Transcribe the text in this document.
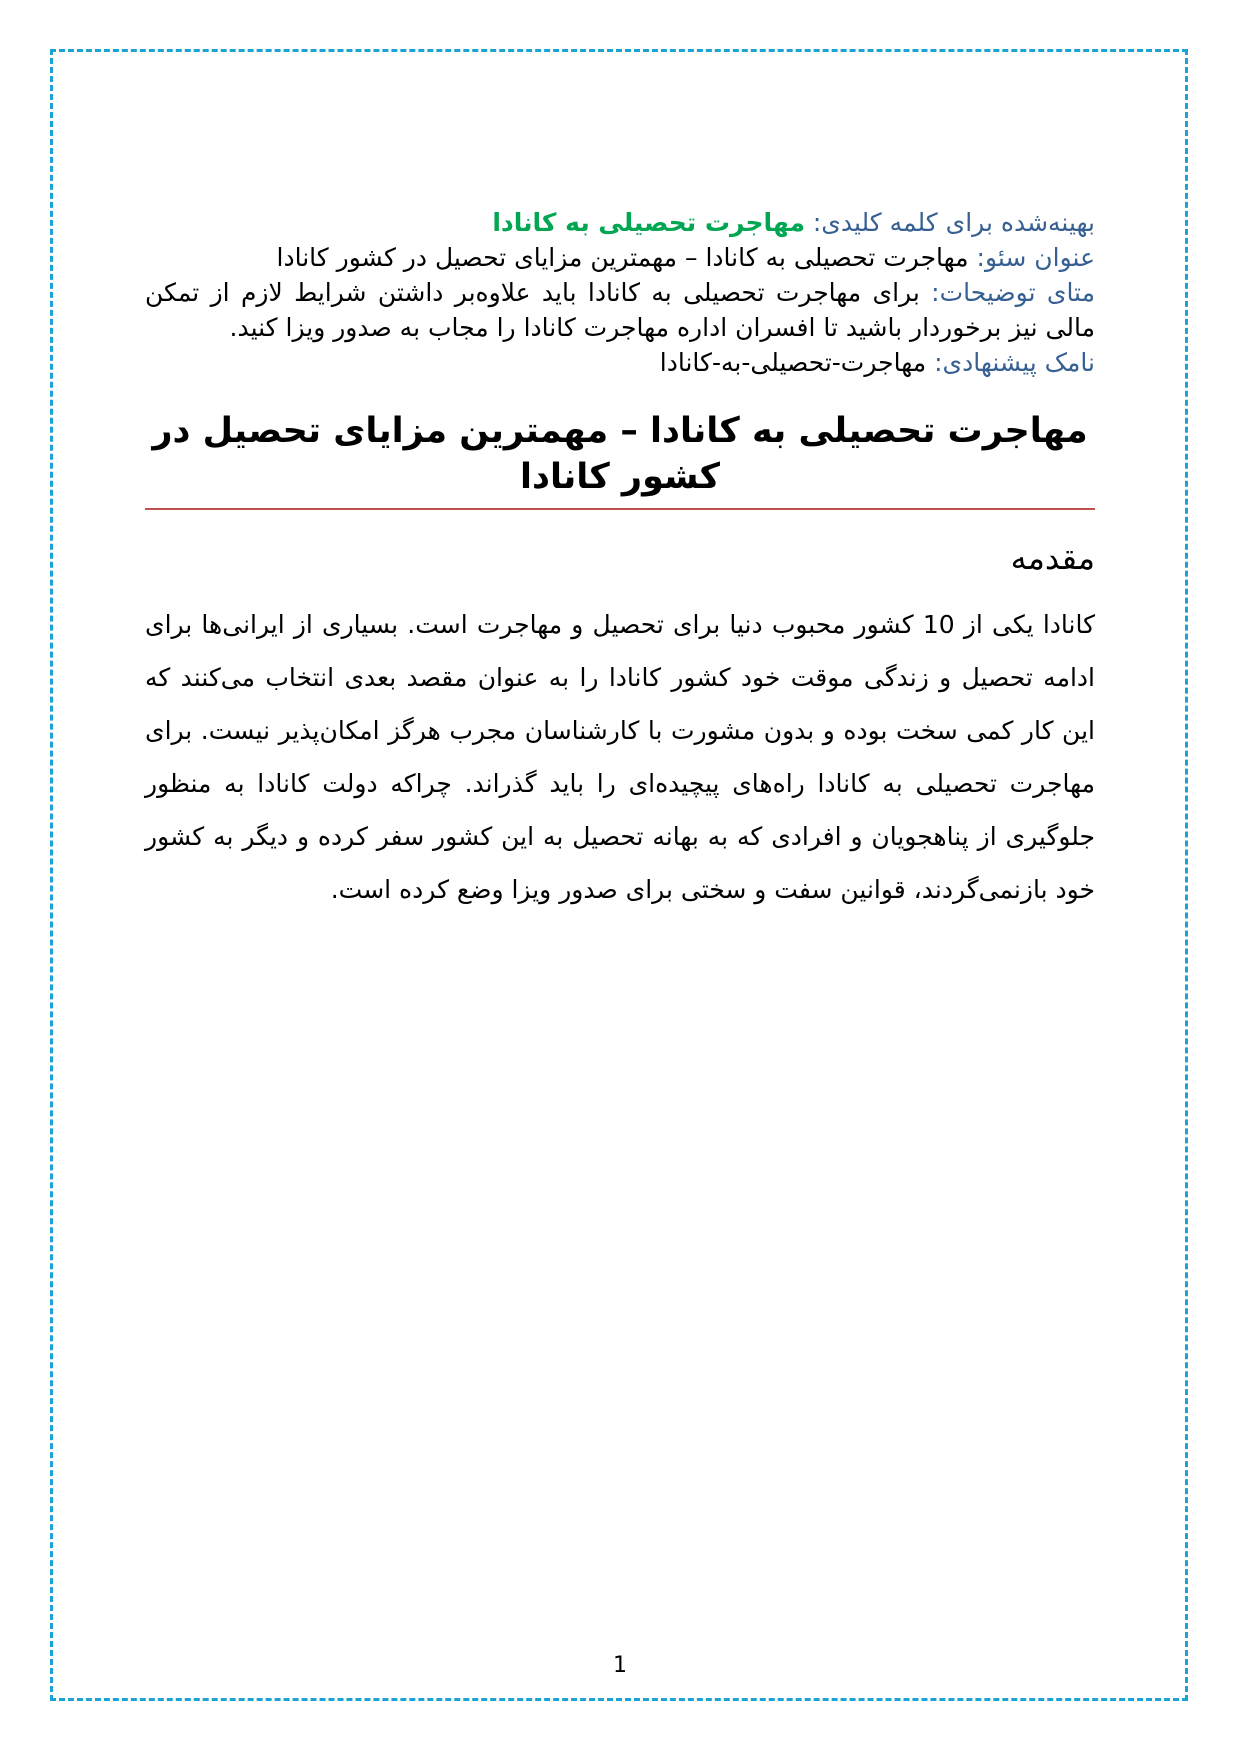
بهینه‌شده برای کلمه کلیدی: مهاجرت تحصیلی به کانادا

عنوان سئو: مهاجرت تحصیلی به کانادا – مهمترین مزایای تحصیل در کشور کانادا

متای توضیحات: برای مهاجرت تحصیلی به کانادا باید علاوه‌بر داشتن شرایط لازم از تمکن مالی نیز برخوردار باشید تا افسران اداره مهاجرت کانادا را مجاب به صدور ویزا کنید.

نامک پیشنهادی: مهاجرت-تحصیلی-به-کانادا

مهاجرت تحصیلی به کانادا – مهمترین مزایای تحصیل در کشور کانادا
مقدمه

کانادا یکی از 10 کشور محبوب دنیا برای تحصیل و مهاجرت است. بسیاری از ایرانی‌ها برای ادامه تحصیل و زندگی موقت خود کشور کانادا را به عنوان مقصد بعدی انتخاب می‌کنند که این کار کمی سخت بوده و بدون مشورت با کارشناسان مجرب هرگز امکان‌پذیر نیست. برای مهاجرت تحصیلی به کانادا راه‌های پیچیده‌ای را باید گذراند. چراکه دولت کانادا به منظور جلوگیری از پناهجویان و افرادی که به بهانه تحصیل به این کشور سفر کرده و دیگر به کشور خود بازنمی‌گردند، قوانین سفت و سختی برای صدور ویزا وضع کرده است.

1
